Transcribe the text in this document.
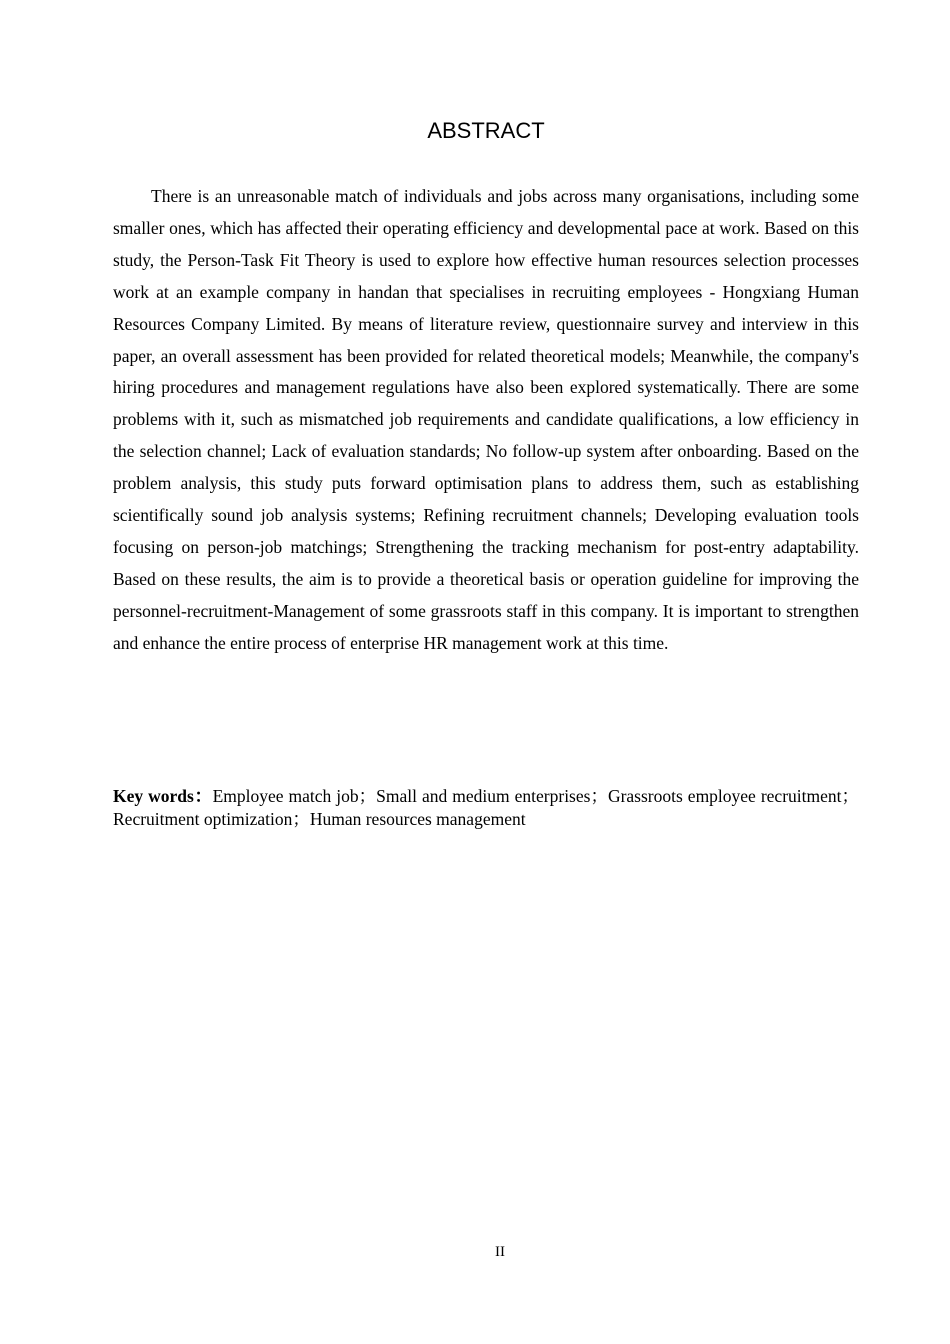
ABSTRACT

There is an unreasonable match of individuals and jobs across many organisations, including some smaller ones, which has affected their operating efficiency and developmental pace at work. Based on this study, the Person-Task Fit Theory is used to explore how effective human resources selection processes work at an example company in handan that specialises in recruiting employees - Hongxiang Human Resources Company Limited. By means of literature review, questionnaire survey and interview in this paper, an overall assessment has been provided for related theoretical models; Meanwhile, the company's hiring procedures and management regulations have also been explored systematically. There are some problems with it, such as mismatched job requirements and candidate qualifications, a low efficiency in the selection channel; Lack of evaluation standards; No follow-up system after onboarding. Based on the problem analysis, this study puts forward optimisation plans to address them, such as establishing scientifically sound job analysis systems; Refining recruitment channels; Developing evaluation tools focusing on person-job matchings; Strengthening the tracking mechanism for post-entry adaptability. Based on these results, the aim is to provide a theoretical basis or operation guideline for improving the personnel-recruitment-Management of some grassroots staff in this company. It is important to strengthen and enhance the entire process of enterprise HR management work at this time.

Key words：Employee match job；Small and medium enterprises；Grassroots employee recruitment；Recruitment optimization；Human resources management

II
